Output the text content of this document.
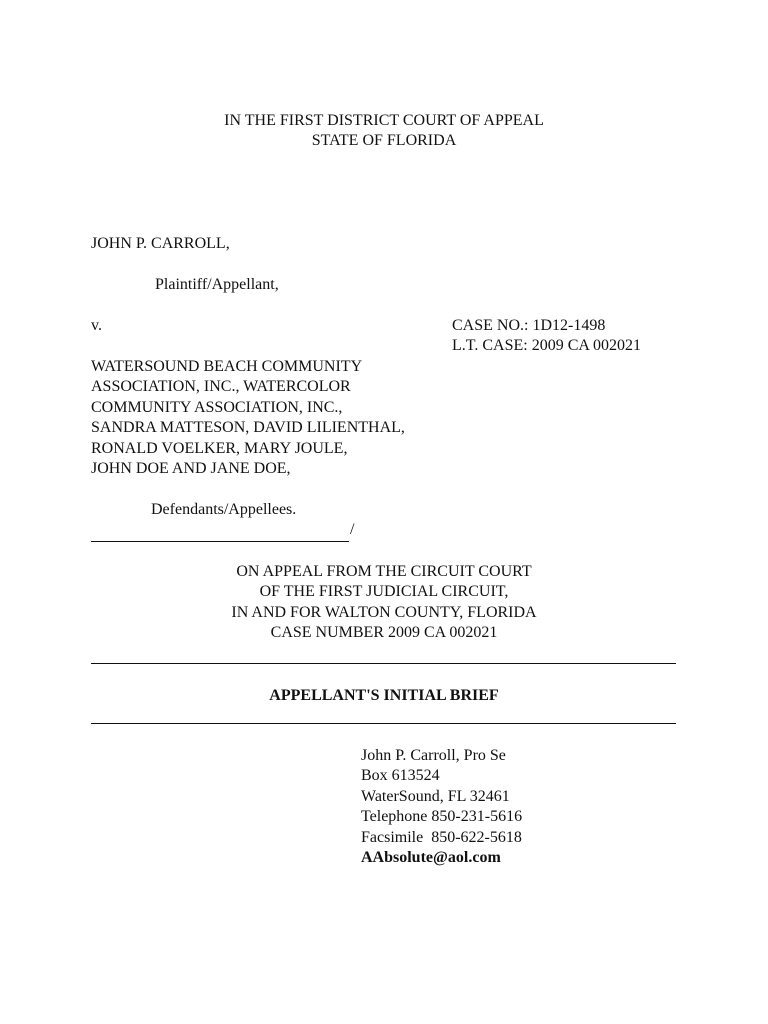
IN THE FIRST DISTRICT COURT OF APPEAL
STATE OF FLORIDA
JOHN P. CARROLL,
Plaintiff/Appellant,
v.	CASE NO.: 1D12-1498
L.T. CASE: 2009 CA 002021
WATERSOUND BEACH COMMUNITY
ASSOCIATION, INC., WATERCOLOR
COMMUNITY ASSOCIATION, INC.,
SANDRA MATTESON, DAVID LILIENTHAL,
RONALD VOELKER, MARY JOULE,
JOHN DOE AND JANE DOE,
Defendants/Appellees.
/
ON APPEAL FROM THE CIRCUIT COURT
OF THE FIRST JUDICIAL CIRCUIT,
IN AND FOR WALTON COUNTY, FLORIDA
CASE NUMBER 2009 CA 002021
APPELLANT'S INITIAL BRIEF
John P. Carroll, Pro Se
Box 613524
WaterSound, FL 32461
Telephone 850-231-5616
Facsimile  850-622-5618
AAbsolute@aol.com
